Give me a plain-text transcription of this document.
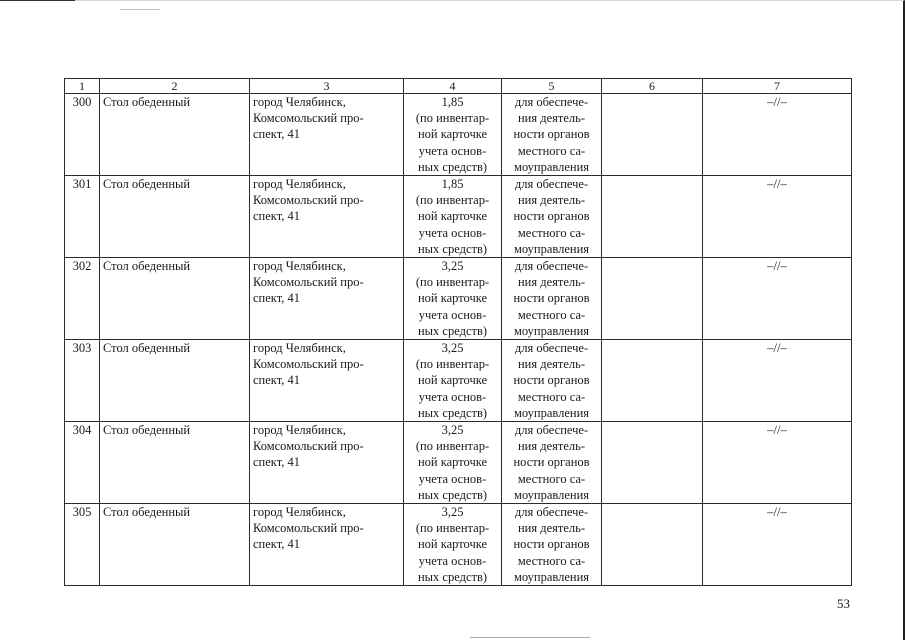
1	2	3	4	5	6	7
300	Стол обеденный	город Челябинск,
Комсомольский про-
спект, 41	1,85
(по инвентар-
ной карточке
учета основ-
ных средств)	для обеспече-
ния деятель-
ности органов
местного са-
моуправления		–//–
301	Стол обеденный	город Челябинск,
Комсомольский про-
спект, 41	1,85
(по инвентар-
ной карточке
учета основ-
ных средств)	для обеспече-
ния деятель-
ности органов
местного са-
моуправления		–//–
302	Стол обеденный	город Челябинск,
Комсомольский про-
спект, 41	3,25
(по инвентар-
ной карточке
учета основ-
ных средств)	для обеспече-
ния деятель-
ности органов
местного са-
моуправления		–//–
303	Стол обеденный	город Челябинск,
Комсомольский про-
спект, 41	3,25
(по инвентар-
ной карточке
учета основ-
ных средств)	для обеспече-
ния деятель-
ности органов
местного са-
моуправления		–//–
304	Стол обеденный	город Челябинск,
Комсомольский про-
спект, 41	3,25
(по инвентар-
ной карточке
учета основ-
ных средств)	для обеспече-
ния деятель-
ности органов
местного са-
моуправления		–//–
305	Стол обеденный	город Челябинск,
Комсомольский про-
спект, 41	3,25
(по инвентар-
ной карточке
учета основ-
ных средств)	для обеспече-
ния деятель-
ности органов
местного са-
моуправления		–//–
53
